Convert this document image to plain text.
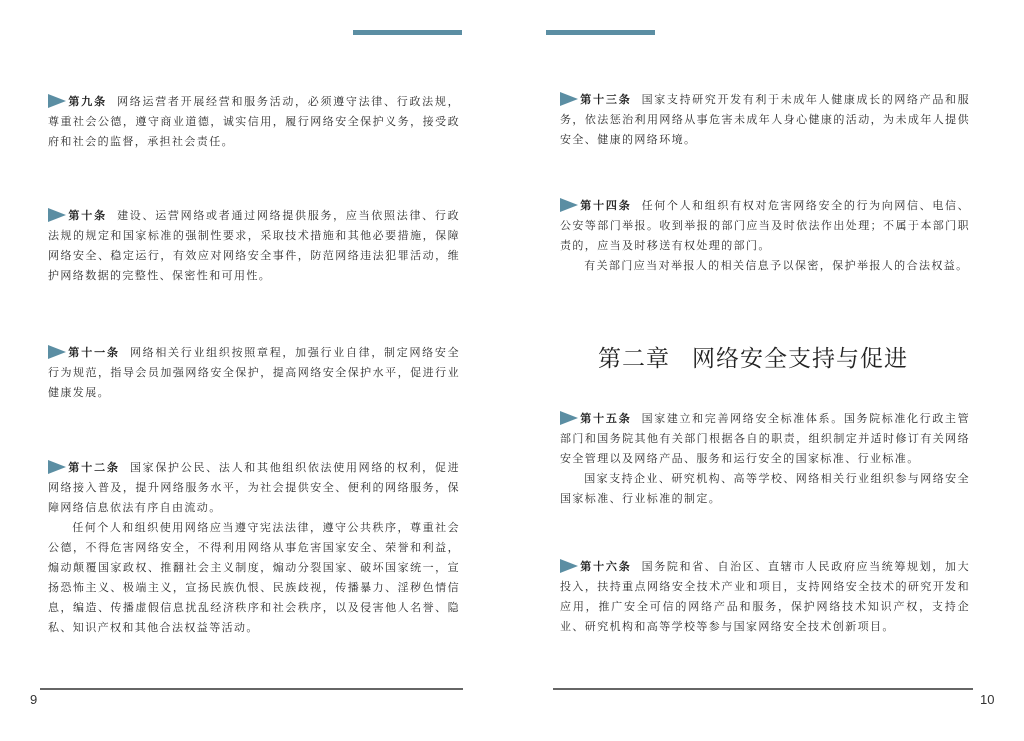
第九条 网络运营者开展经营和服务活动，必须遵守法律、行政法规，尊重社会公德，遵守商业道德，诚实信用，履行网络安全保护义务，接受政府和社会的监督，承担社会责任。

第十条 建设、运营网络或者通过网络提供服务，应当依照法律、行政法规的规定和国家标准的强制性要求，采取技术措施和其他必要措施，保障网络安全、稳定运行，有效应对网络安全事件，防范网络违法犯罪活动，维护网络数据的完整性、保密性和可用性。

第十一条 网络相关行业组织按照章程，加强行业自律，制定网络安全行为规范，指导会员加强网络安全保护，提高网络安全保护水平，促进行业健康发展。

第十二条 国家保护公民、法人和其他组织依法使用网络的权利，促进网络接入普及，提升网络服务水平，为社会提供安全、便利的网络服务，保障网络信息依法有序自由流动。

任何个人和组织使用网络应当遵守宪法法律，遵守公共秩序，尊重社会公德，不得危害网络安全，不得利用网络从事危害国家安全、荣誉和利益，煽动颠覆国家政权、推翻社会主义制度，煽动分裂国家、破坏国家统一，宣扬恐怖主义、极端主义，宣扬民族仇恨、民族歧视，传播暴力、淫秽色情信息，编造、传播虚假信息扰乱经济秩序和社会秩序，以及侵害他人名誉、隐私、知识产权和其他合法权益等活动。

9

第十三条 国家支持研究开发有利于未成年人健康成长的网络产品和服务，依法惩治利用网络从事危害未成年人身心健康的活动，为未成年人提供安全、健康的网络环境。

第十四条 任何个人和组织有权对危害网络安全的行为向网信、电信、公安等部门举报。收到举报的部门应当及时依法作出处理；不属于本部门职责的，应当及时移送有权处理的部门。

有关部门应当对举报人的相关信息予以保密，保护举报人的合法权益。

第二章 网络安全支持与促进

第十五条 国家建立和完善网络安全标准体系。国务院标准化行政主管部门和国务院其他有关部门根据各自的职责，组织制定并适时修订有关网络安全管理以及网络产品、服务和运行安全的国家标准、行业标准。

国家支持企业、研究机构、高等学校、网络相关行业组织参与网络安全国家标准、行业标准的制定。

第十六条 国务院和省、自治区、直辖市人民政府应当统筹规划，加大投入，扶持重点网络安全技术产业和项目，支持网络安全技术的研究开发和应用，推广安全可信的网络产品和服务，保护网络技术知识产权，支持企业、研究机构和高等学校等参与国家网络安全技术创新项目。

10
